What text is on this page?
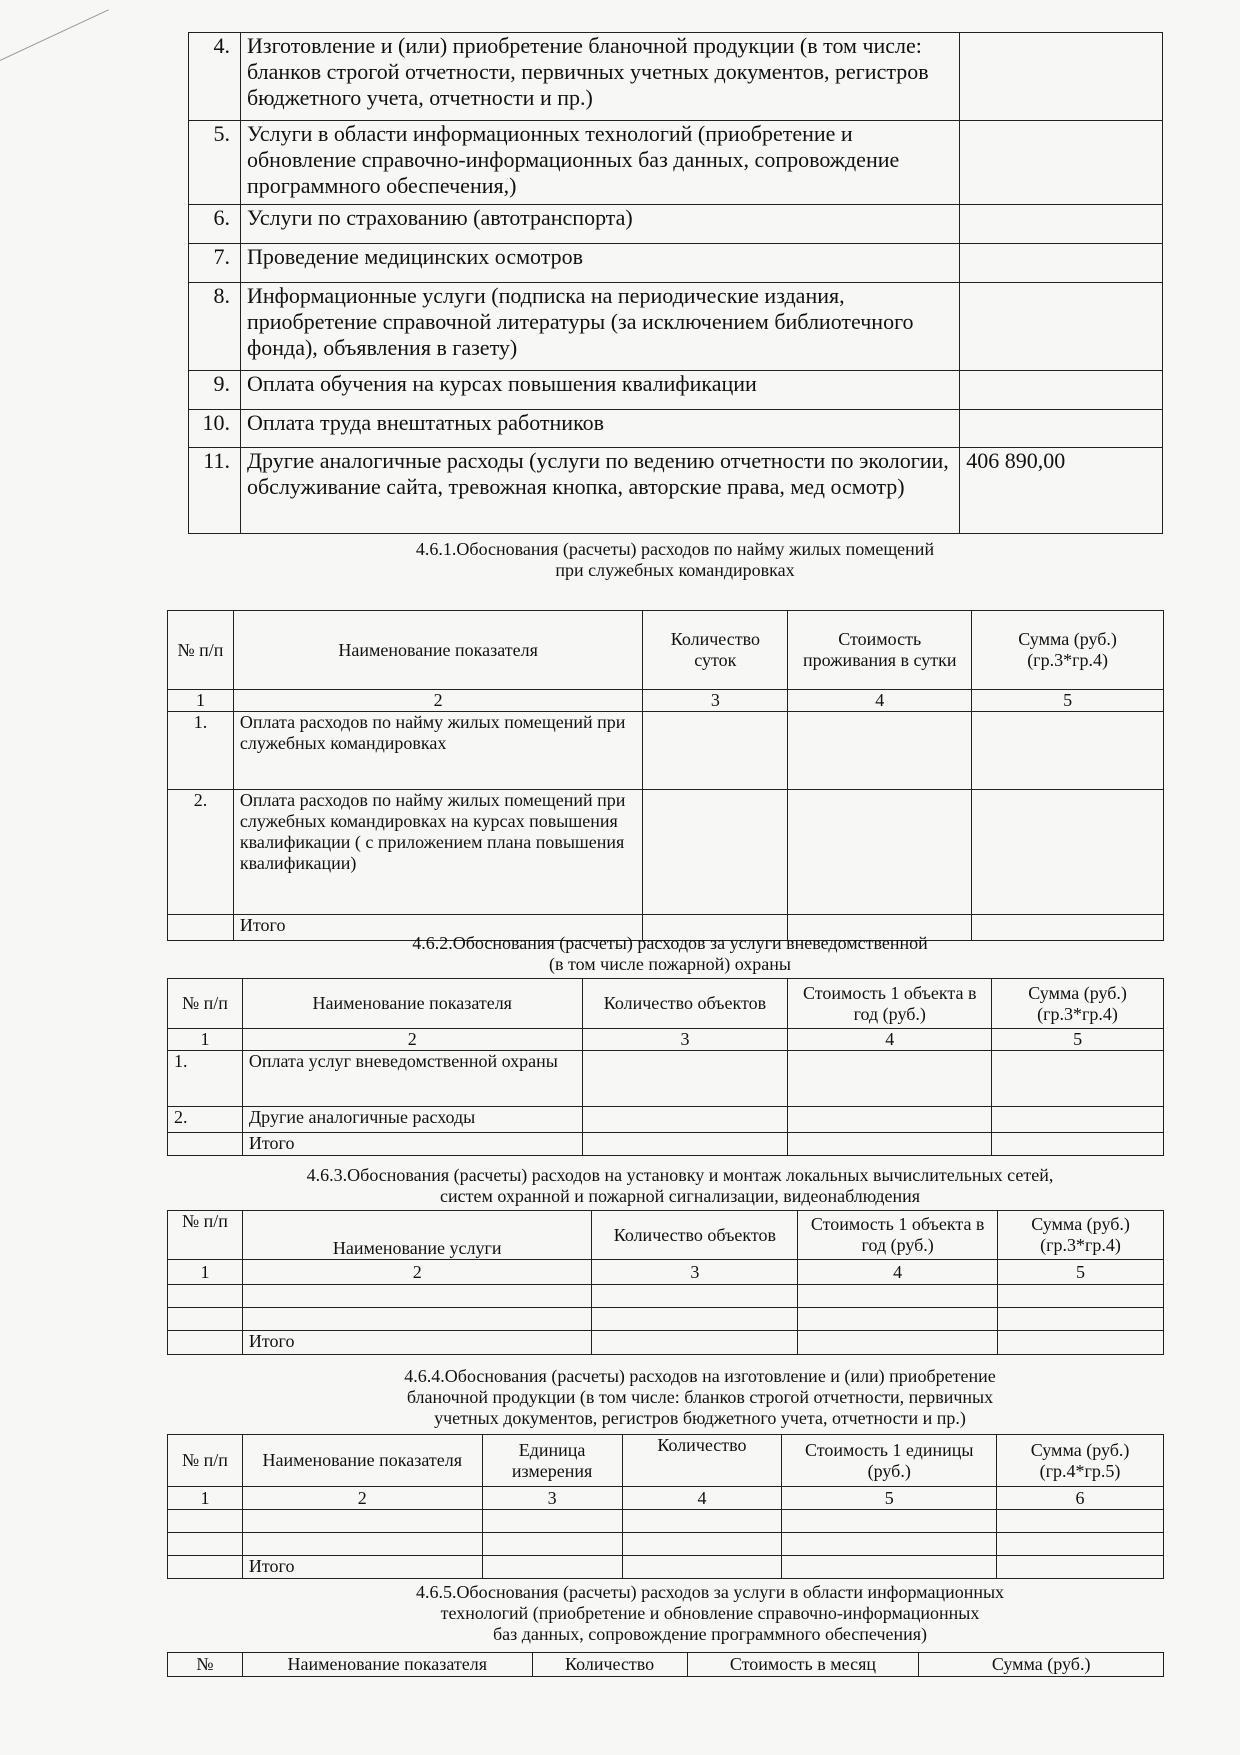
4.	Изготовление и (или) приобретение бланочной продукции (в том числе: бланков строгой отчетности, первичных учетных документов, регистров бюджетного учета, отчетности и пр.)	
5.	Услуги в области информационных технологий (приобретение и обновление справочно-информационных баз данных, сопровождение программного обеспечения,)	
6.	Услуги по страхованию (автотранспорта)	
7.	Проведение медицинских осмотров	
8.	Информационные услуги (подписка на периодические издания, приобретение справочной литературы (за исключением библиотечного фонда), объявления в газету)	
9.	Оплата обучения на курсах повышения квалификации	
10.	Оплата труда внештатных работников	
11.	Другие аналогичные расходы (услуги по ведению отчетности по экологии, обслуживание сайта, тревожная кнопка, авторские права, мед осмотр)	406 890,00
4.6.1.Обоснования (расчеты) расходов по найму жилых помещений
при служебных командировках
№ п/п	Наименование показателя	Количество суток	Стоимость проживания в сутки	Сумма (руб.) (гр.3*гр.4)
1	2	3	4	5
1.	Оплата расходов по найму жилых помещений при служебных командировках			
2.	Оплата расходов по найму жилых помещений при служебных командировках на курсах повышения квалификации ( с приложением плана повышения квалификации)			
	Итого			
4.6.2.Обоснования (расчеты) расходов за услуги вневедомственной
(в том числе пожарной) охраны
№ п/п	Наименование показателя	Количество объектов	Стоимость 1 объекта в год (руб.)	Сумма (руб.) (гр.3*гр.4)
1	2	3	4	5
1.	Оплата услуг вневедомственной охраны			
2.	Другие аналогичные расходы			
	Итого			
4.6.3.Обоснования (расчеты) расходов на установку и монтаж локальных вычислительных сетей,
систем охранной и пожарной сигнализации, видеонаблюдения
№ п/п	Наименование услуги	Количество объектов	Стоимость 1 объекта в год (руб.)	Сумма (руб.) (гр.3*гр.4)
1	2	3	4	5

	Итого			
4.6.4.Обоснования (расчеты) расходов на изготовление и (или) приобретение
бланочной продукции (в том числе: бланков строгой отчетности, первичных
учетных документов, регистров бюджетного учета, отчетности и пр.)
№ п/п	Наименование показателя	Единица измерения	Количество	Стоимость 1 единицы (руб.)	Сумма (руб.) (гр.4*гр.5)
1	2	3	4	5	6

	Итого				
4.6.5.Обоснования (расчеты) расходов за услуги в области информационных
технологий (приобретение и обновление справочно-информационных
баз данных, сопровождение программного обеспечения)
№	Наименование показателя	Количество	Стоимость в месяц	Сумма (руб.)
